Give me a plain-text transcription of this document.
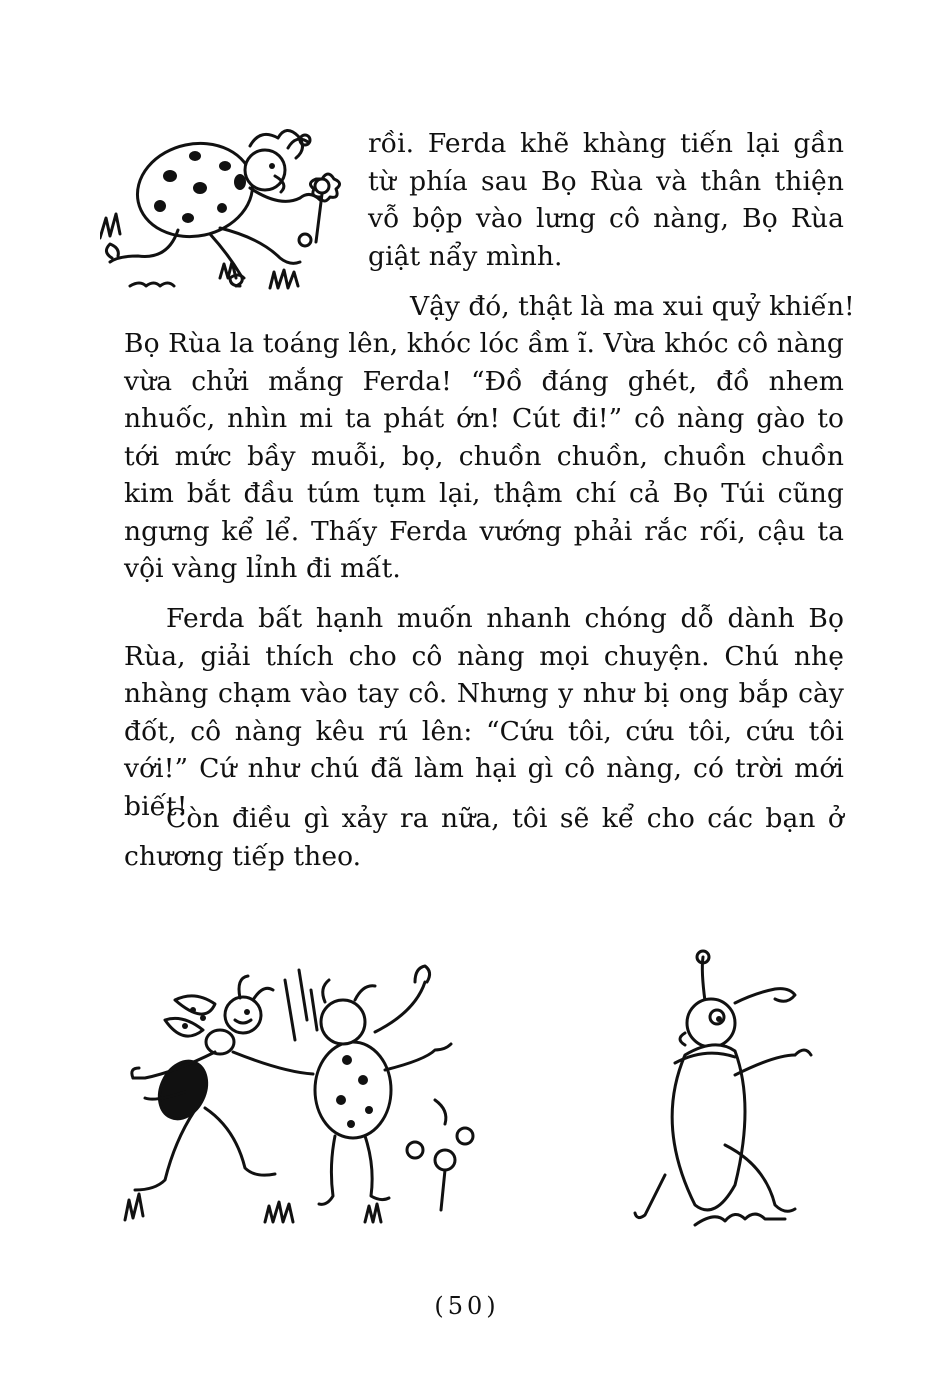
rồi. Ferda khẽ khàng tiến lại gần từ phía sau Bọ Rùa và thân thiện vỗ bộp vào lưng cô nàng, Bọ Rùa giật nẩy mình.

Vậy đó, thật là ma xui quỷ khiến!

Bọ Rùa la toáng lên, khóc lóc ầm ĩ. Vừa khóc cô nàng vừa chửi mắng Ferda! “Đồ đáng ghét, đồ nhem nhuốc, nhìn mi ta phát ớn! Cút đi!” cô nàng gào to tới mức bầy muỗi, bọ, chuồn chuồn, chuồn chuồn kim bắt đầu túm tụm lại, thậm chí cả Bọ Túi cũng ngưng kể lể. Thấy Ferda vướng phải rắc rối, cậu ta vội vàng lỉnh đi mất.

Ferda bất hạnh muốn nhanh chóng dỗ dành Bọ Rùa, giải thích cho cô nàng mọi chuyện. Chú nhẹ nhàng chạm vào tay cô. Nhưng y như bị ong bắp cày đốt, cô nàng kêu rú lên: “Cứu tôi, cứu tôi, cứu tôi với!” Cứ như chú đã làm hại gì cô nàng, có trời mới biết!

Còn điều gì xảy ra nữa, tôi sẽ kể cho các bạn ở chương tiếp theo.

(50)
